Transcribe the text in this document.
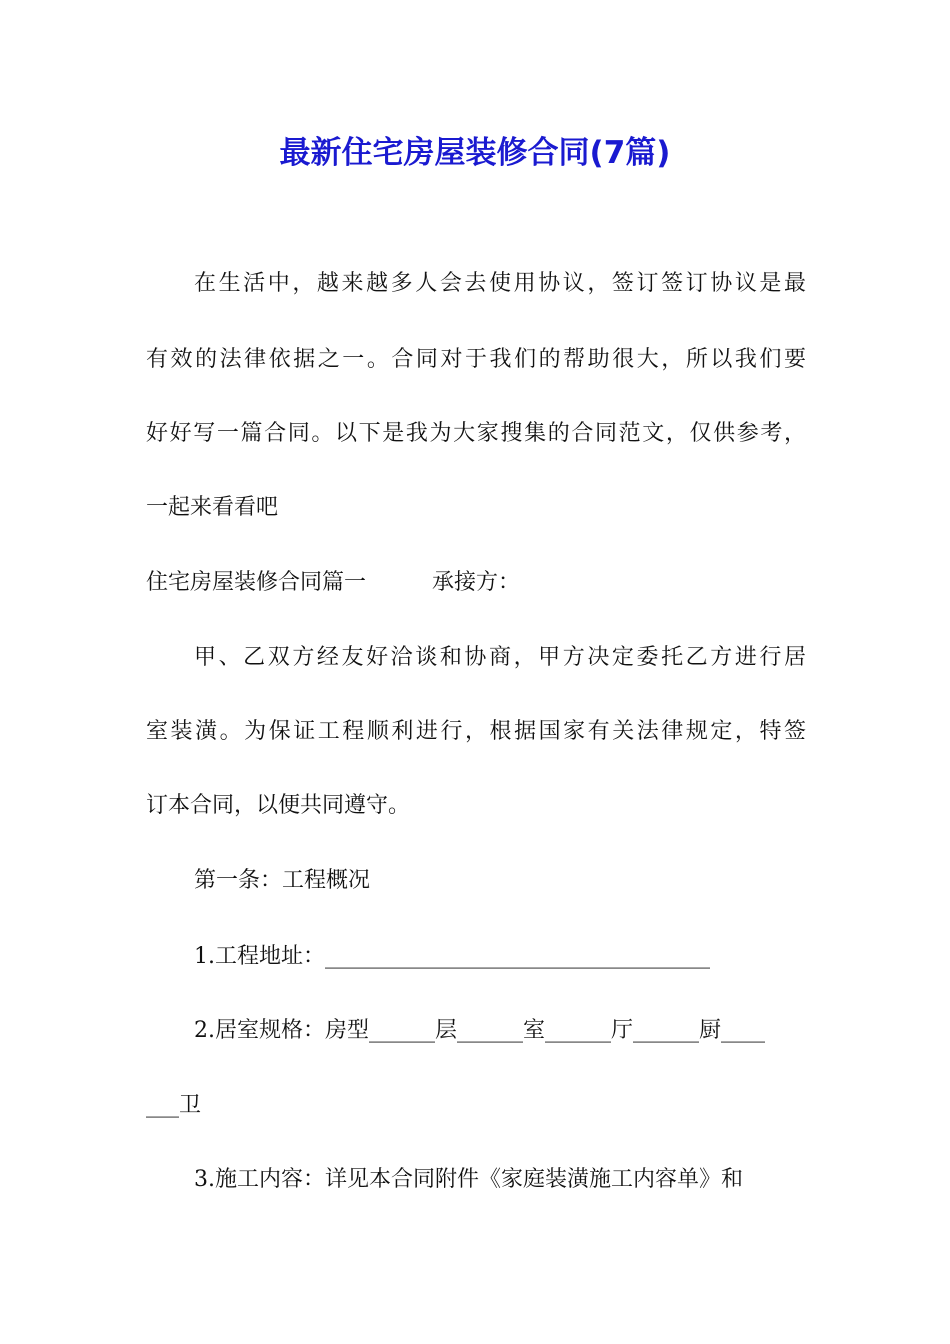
最新住宅房屋装修合同(7篇)
在生活中，越来越多人会去使用协议，签订签订协议是最
有效的法律依据之一。合同对于我们的帮助很大，所以我们要
好好写一篇合同。以下是我为大家搜集的合同范文，仅供参考，
一起来看看吧
住宅房屋装修合同篇一　　　承接方：
甲、乙双方经友好洽谈和协商，甲方决定委托乙方进行居
室装潢。为保证工程顺利进行，根据国家有关法律规定，特签
订本合同，以便共同遵守。
第一条：工程概况
1.工程地址：___________________________________
2.居室规格：房型______层______室______厅______厨____
___卫
3.施工内容：详见本合同附件《家庭装潢施工内容单》和
